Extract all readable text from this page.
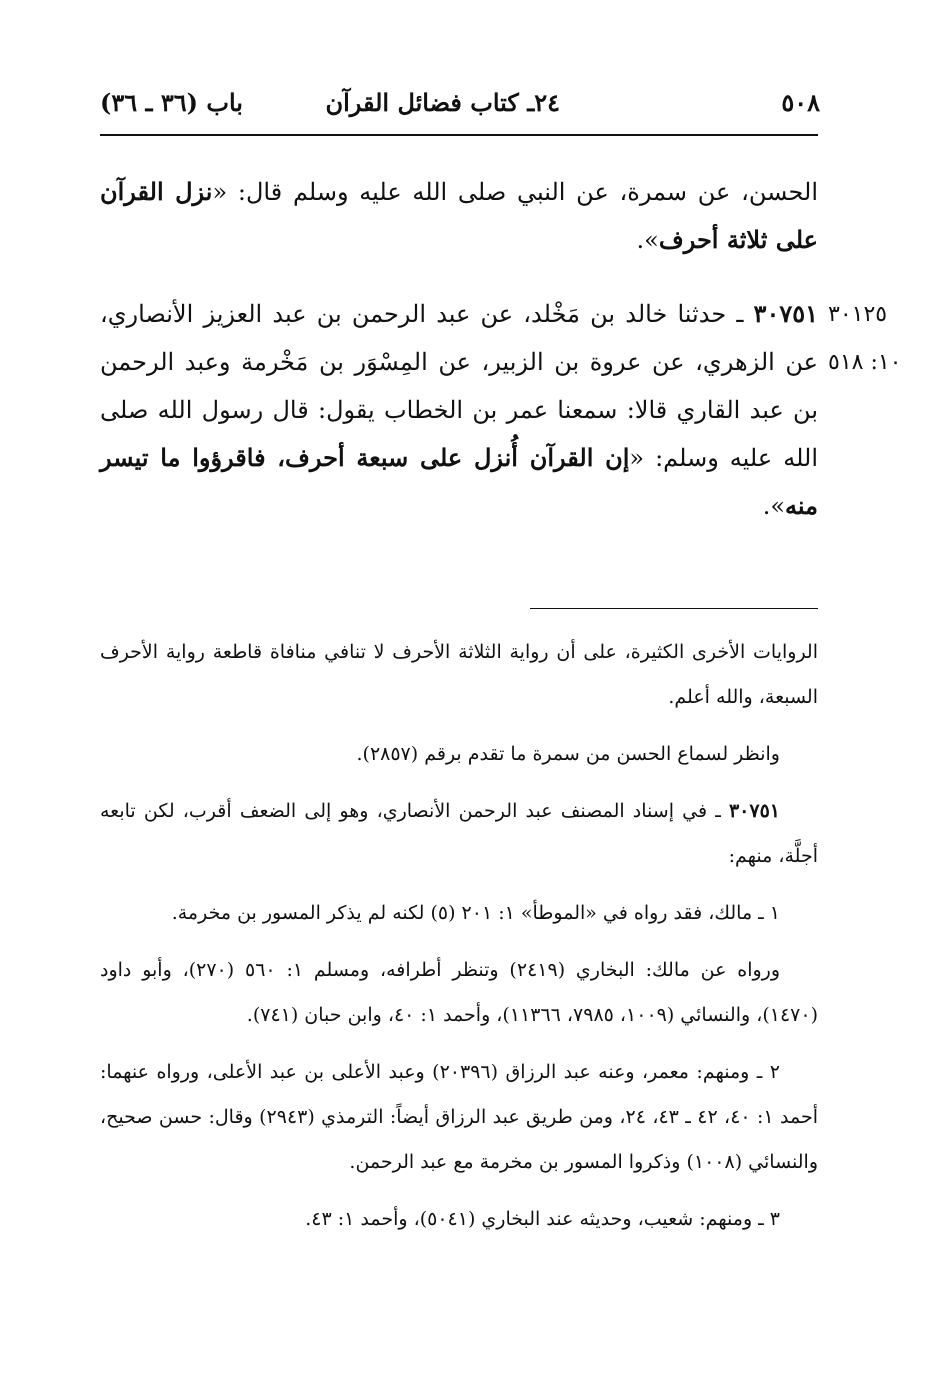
٥٠٨
٢٤ـ كتاب فضائل القرآن
باب (٣٦ ـ ٣٦)

الحسن، عن سمرة، عن النبي صلى الله عليه وسلم قال: «نزل القرآن على ثلاثة أحرف».

٣٠٧٥١ ـ حدثنا خالد بن مَخْلد، عن عبد الرحمن بن عبد العزيز الأنصاري، عن الزهري، عن عروة بن الزبير، عن المِسْوَر بن مَخْرمة وعبد الرحمن بن عبد القاري قالا: سمعنا عمر بن الخطاب يقول: قال رسول الله صلى الله عليه وسلم: «إن القرآن أُنزل على سبعة أحرف، فاقرؤوا ما تيسر منه».

٣٠١٢٥
١٠: ٥١٨

الروايات الأخرى الكثيرة، على أن رواية الثلاثة الأحرف لا تنافي منافاة قاطعة رواية الأحرف السبعة، والله أعلم.

وانظر لسماع الحسن من سمرة ما تقدم برقم (٢٨٥٧).

٣٠٧٥١ ـ في إسناد المصنف عبد الرحمن الأنصاري، وهو إلى الضعف أقرب، لكن تابعه أجلَّة، منهم:

١ ـ مالك، فقد رواه في «الموطأ» ١: ٢٠١ (٥) لكنه لم يذكر المسور بن مخرمة.

ورواه عن مالك: البخاري (٢٤١٩) وتنظر أطرافه، ومسلم ١: ٥٦٠ (٢٧٠)، وأبو داود (١٤٧٠)، والنسائي (١٠٠٩، ٧٩٨٥، ١١٣٦٦)، وأحمد ١: ٤٠، وابن حبان (٧٤١).

٢ ـ ومنهم: معمر، وعنه عبد الرزاق (٢٠٣٩٦) وعبد الأعلى بن عبد الأعلى، ورواه عنهما: أحمد ١: ٤٠، ٤٢ ـ ٤٣، ٢٤، ومن طريق عبد الرزاق أيضاً: الترمذي (٢٩٤٣) وقال: حسن صحيح، والنسائي (١٠٠٨) وذكروا المسور بن مخرمة مع عبد الرحمن.

٣ ـ ومنهم: شعيب، وحديثه عند البخاري (٥٠٤١)، وأحمد ١: ٤٣.
